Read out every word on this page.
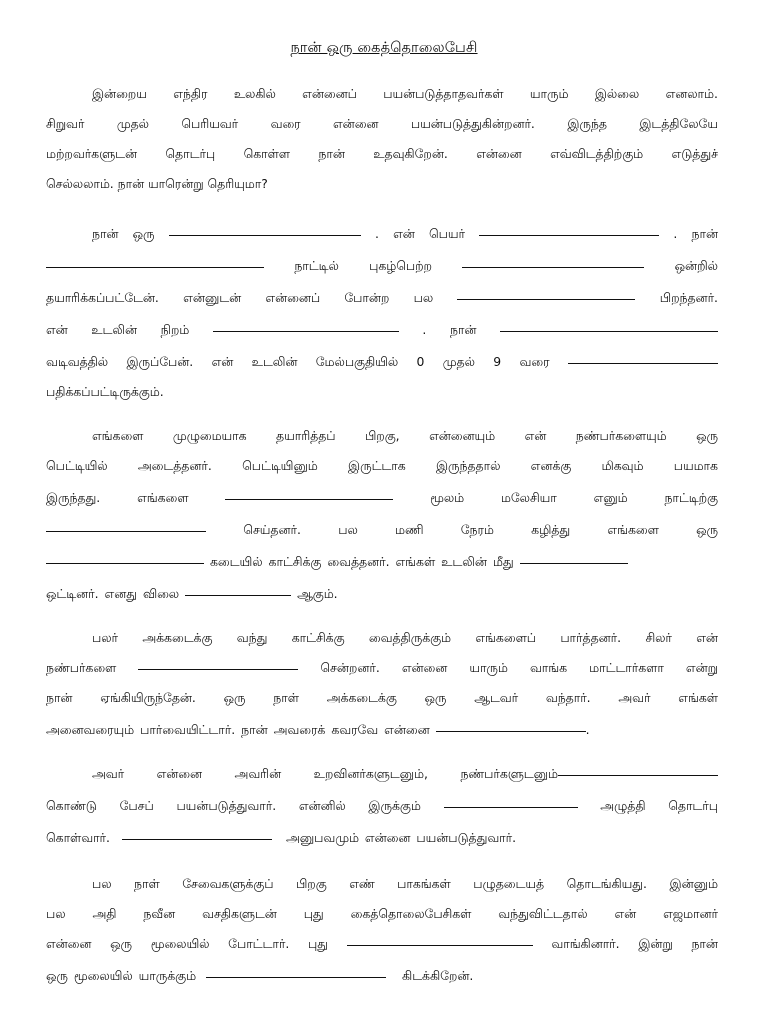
நான் ஒரு கைத்தொலைபேசி
இன்றைய எந்திர உலகில் என்னைப் பயன்படுத்தாதவர்கள் யாரும் இல்லை எனலாம்.
சிறுவர்	முதல்	பெரியவர்	வரை	என்னை	பயன்படுத்துகின்றனர்.	இருந்த	இடத்திலேயே
மற்றவர்களுடன் தொடர்பு கொள்ள நான் உதவுகிறேன். என்னை எவ்விடத்திற்கும் எடுத்துச்
செல்லலாம். நான் யாரென்று தெரியுமா?
நான் ஒரு	. என் பெயர்	. நான்
நாட்டில் புகழ்பெற்ற	ஒன்றில்
தயாரிக்கப்பட்டேன். என்னுடன் என்னைப் போன்ற பல	பிறந்தனர்.
என் உடலின் நிறம்	. நான்
வடிவத்தில் இருப்பேன். என் உடலின் மேல்பகுதியில் 0 முதல் 9 வரை
பதிக்கப்பட்டிருக்கும்.
எங்களை முழுமையாக தயாரித்தப் பிறகு, என்னையும் என் நண்பர்களையும் ஒரு
பெட்டியில் அடைத்தனர். பெட்டியினும் இருட்டாக இருந்ததால் எனக்கு மிகவும் பயமாக
இருந்தது.	எங்களை	மூலம்	மலேசியா	எனும்	நாட்டிற்கு
செய்தனர்.	பல	மணி	நேரம்	கழித்து	எங்களை	ஒரு
கடையில் காட்சிக்கு வைத்தனர். எங்கள் உடலின் மீது
ஒட்டினர். எனது விலை	ஆகும்.
பலர் அக்கடைக்கு வந்து காட்சிக்கு வைத்திருக்கும் எங்களைப் பார்த்தனர். சிலர் என்
நண்பர்களை	சென்றனர். என்னை யாரும் வாங்க மாட்டார்களா என்று
நான் ஏங்கியிருந்தேன். ஒரு நாள் அக்கடைக்கு ஒரு ஆடவர் வந்தார். அவர் எங்கள்
அனைவரையும் பார்வையிட்டார். நான் அவரைக் கவரவே என்னை	.
அவர்	என்னை	அவரின்	உறவினர்களுடனும்,	நண்பர்களுடனும்
கொண்டு பேசப் பயன்படுத்துவார். என்னில் இருக்கும்	அழுத்தி தொடர்பு
கொள்வார்.	அனுபவமும் என்னை பயன்படுத்துவார்.
பல நாள் சேவைகளுக்குப் பிறகு எண் பாகங்கள் பழுதடையத் தொடங்கியது. இன்னும்
பல அதி நவீன வசதிகளுடன் புது கைத்தொலைபேசிகள் வந்துவிட்டதால் என் எஜமானர்
என்னை ஒரு மூலையில் போட்டார். புது	வாங்கினார். இன்று நான்
ஒரு மூலையில் யாருக்கும்	கிடக்கிறேன்.
